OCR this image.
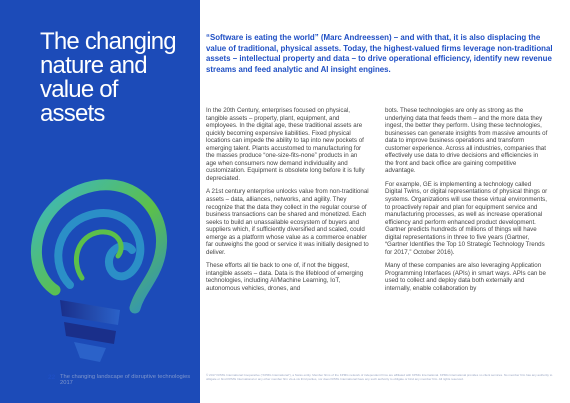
The changing
nature and
value of
assets
22 The changing landscape of disruptive technologies 2017

“Software is eating the world” (Marc Andreessen) – and with that, it is also displacing the value of traditional, physical assets. Today, the highest-valued firms leverage non-traditional assets – intellectual property and data – to drive operational efficiency, identify new revenue streams and feed analytic and AI insight engines.

In the 20th Century, enterprises focused on physical, tangible assets – property, plant, equipment, and employees. In the digital age, these traditional assets are quickly becoming expensive liabilities. Fixed physical locations can impede the ability to tap into new pockets of emerging talent. Plants accustomed to manufacturing for the masses produce “one-size-fits-none” products in an age when consumers now demand individuality and customization. Equipment is obsolete long before it is fully depreciated.

A 21st century enterprise unlocks value from non-traditional assets – data, alliances, networks, and agility. They recognize that the data they collect in the regular course of business transactions can be shared and monetized. Each seeks to build an unassailable ecosystem of buyers and suppliers which, if sufficiently diversified and scaled, could emerge as a platform whose value as a commerce enabler far outweighs the good or service it was initially designed to deliver.

These efforts all tie back to one of, if not the biggest, intangible assets – data. Data is the lifeblood of emerging technologies, including AI/Machine Learning, IoT, autonomous vehicles, drones, and

bots. These technologies are only as strong as the underlying data that feeds them – and the more data they ingest, the better they perform. Using these technologies, businesses can generate insights from massive amounts of data to improve business operations and transform customer experience. Across all industries, companies that effectively use data to drive decisions and efficiencies in the front and back office are gaining competitive advantage.

For example, GE is implementing a technology called Digital Twins, or digital representations of physical things or systems. Organizations will use these virtual environments, to proactively repair and plan for equipment service and manufacturing processes, as well as increase operational efficiency and perform enhanced product development. Gartner predicts hundreds of millions of things will have digital representations in three to five years (Gartner, “Gartner Identifies the Top 10 Strategic Technology Trends for 2017,” October 2016).

Many of these companies are also leveraging Application Programming Interfaces (APIs) in smart ways. APIs can be used to collect and deploy data both externally and internally, enable collaboration by

© 2017 KPMG International Cooperative (“KPMG International”), a Swiss entity. Member firms of the KPMG network of independent firms are affiliated with KPMG International. KPMG International provides no client services. No member firm has any authority to obligate or bind KPMG International or any other member firm vis-à-vis third parties, nor does KPMG International have any such authority to obligate or bind any member firm. All rights reserved.
